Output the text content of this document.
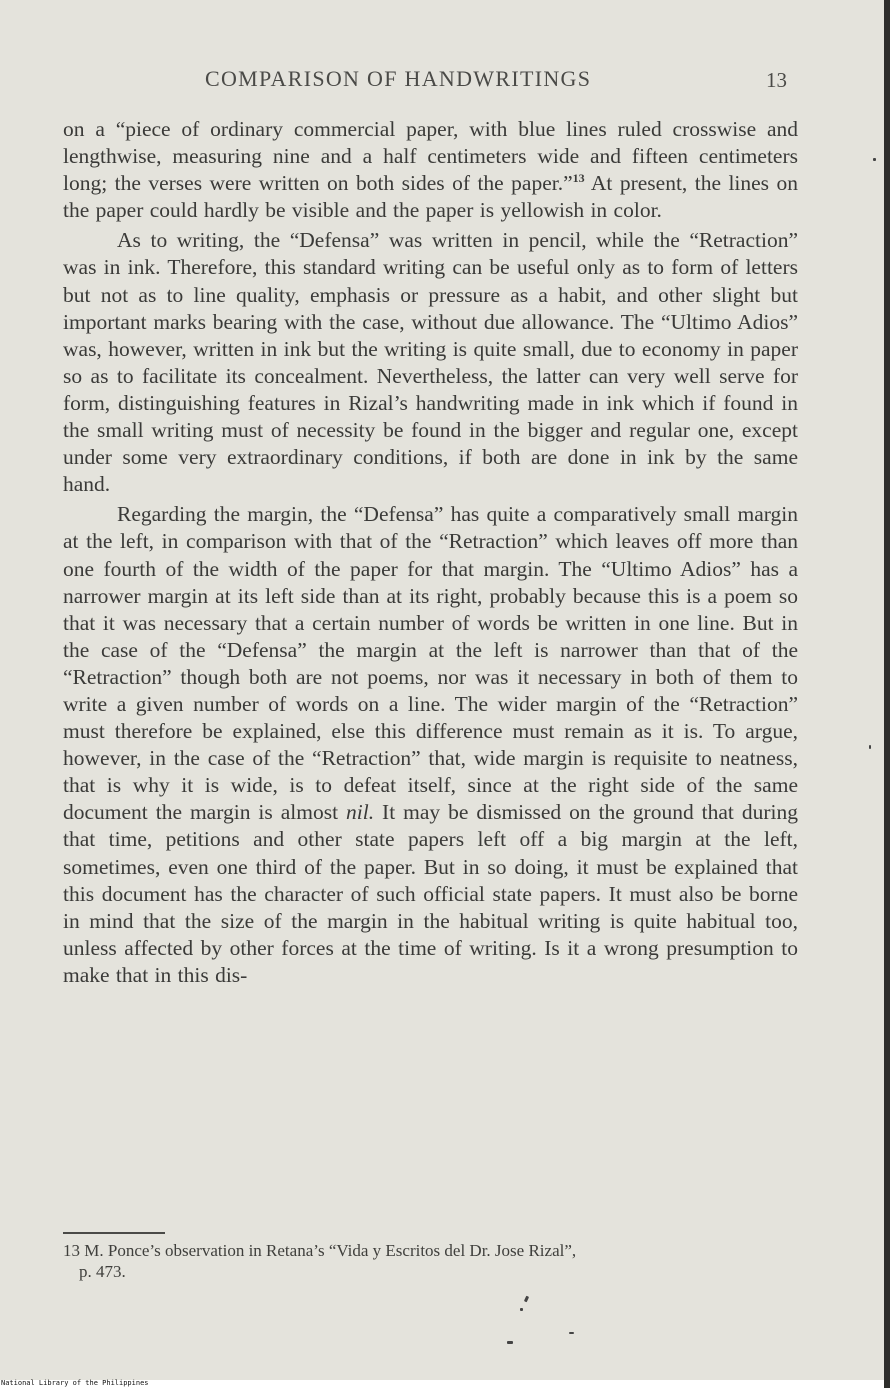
COMPARISON OF HANDWRITINGS	13

on a “piece of ordinary commercial paper, with blue lines ruled crosswise and lengthwise, measuring nine and a half centimeters wide and fifteen centimeters long; the verses were written on both sides of the paper.”$^{13}$ At present, the lines on the paper could hardly be visible and the paper is yellowish in color.

As to writing, the “Defensa” was written in pencil, while the “Retraction” was in ink. Therefore, this standard writing can be useful only as to form of letters but not as to line quality, emphasis or pressure as a habit, and other slight but important marks bearing with the case, without due allowance. The “Ultimo Adios” was, however, written in ink but the writing is quite small, due to economy in paper so as to facilitate its concealment. Nevertheless, the latter can very well serve for form, distinguishing features in Rizal’s handwriting made in ink which if found in the small writing must of necessity be found in the bigger and regular one, except under some very extraordinary conditions, if both are done in ink by the same hand.

Regarding the margin, the “Defensa” has quite a comparatively small margin at the left, in comparison with that of the “Retraction” which leaves off more than one fourth of the width of the paper for that margin. The “Ultimo Adios” has a narrower margin at its left side than at its right, probably because this is a poem so that it was necessary that a certain number of words be written in one line. But in the case of the “Defensa” the margin at the left is narrower than that of the “Retraction” though both are not poems, nor was it necessary in both of them to write a given number of words on a line. The wider margin of the “Retraction” must therefore be explained, else this difference must remain as it is. To argue, however, in the case of the “Retraction” that, wide margin is requisite to neatness, that is why it is wide, is to defeat itself, since at the right side of the same document the margin is almost nil. It may be dismissed on the ground that during that time, petitions and other state papers left off a big margin at the left, sometimes, even one third of the paper. But in so doing, it must be explained that this document has the character of such official state papers. It must also be borne in mind that the size of the margin in the habitual writing is quite habitual too, unless affected by other forces at the time of writing. Is it a wrong presumption to make that in this dis-

13 M. Ponce’s observation in Retana’s “Vida y Escritos del Dr. Jose Rizal”,
p. 473.
National Library of the Philippines
